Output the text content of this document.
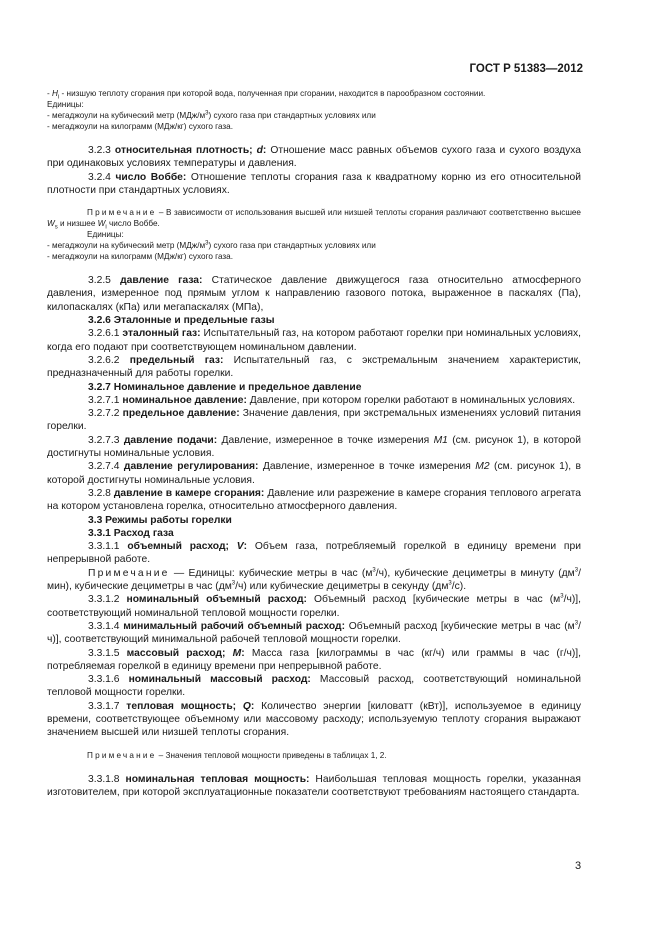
ГОСТ Р 51383—2012

- $H_i$ - низшую теплоту сгорания при которой вода, полученная при сгорании, находится в парообразном состоянии.

Единицы:

- мегаджоули на кубический метр $(МДж/м^3)$ сухого газа при стандартных условиях или

- мегаджоули на килограмм (МДж/кг) сухого газа.

3.2.3 относительная плотность; d: Отношение масс равных объемов сухого газа и сухого воздуха при одинаковых условиях температуры и давления.

3.2.4 число Воббе: Отношение теплоты сгорания газа к квадратному корню из его относительной плотности при стандартных условиях.

Примечание – В зависимости от использования высшей или низшей теплоты сгорания различают соответственно высшее $W_s$ и низшее $W_i$ число Воббе.

Единицы:

- мегаджоули на кубический метр $(МДж/м^3)$ сухого газа при стандартных условиях или

- мегаджоули на килограмм (МДж/кг) сухого газа.

3.2.5 давление газа: Статическое давление движущегося газа относительно атмосферного давления, измеренное под прямым углом к направлению газового потока, выраженное в паскалях (Па), килопаскалях (кПа) или мегапаскалях (МПа),

3.2.6 Эталонные и предельные газы

3.2.6.1 эталонный газ: Испытательный газ, на котором работают горелки при номинальных условиях, когда его подают при соответствующем номинальном давлении.

3.2.6.2 предельный газ: Испытательный газ, с экстремальным значением характеристик, предназначенный для работы горелки.

3.2.7 Номинальное давление и предельное давление

3.2.7.1 номинальное давление: Давление, при котором горелки работают в номинальных условиях.

3.2.7.2 предельное давление: Значение давления, при экстремальных изменениях условий питания горелки.

3.2.7.3 давление подачи: Давление, измеренное в точке измерения M1 (см. рисунок 1), в которой достигнуты номинальные условия.

3.2.7.4 давление регулирования: Давление, измеренное в точке измерения M2 (см. рисунок 1), в которой достигнуты номинальные условия.

3.2.8 давление в камере сгорания: Давление или разрежение в камере сгорания теплового агрегата на котором установлена горелка, относительно атмосферного давления.

3.3 Режимы работы горелки

3.3.1 Расход газа

3.3.1.1 объемный расход; V: Объем газа, потребляемый горелкой в единицу времени при непрерывной работе.

Примечание — Единицы: кубические метры в час $(м^3/ч)$, кубические дециметры в минуту $(дм^3/мин)$, кубические дециметры в час $(дм^3/ч)$ или кубические дециметры в секунду $(дм^3/с)$.

3.3.1.2 номинальный объемный расход: Объемный расход [кубические метры в час $(м^3/ч)$], соответствующий номинальной тепловой мощности горелки.

3.3.1.4 минимальный рабочий объемный расход: Объемный расход [кубические метры в час $(м^3/ч)$], соответствующий минимальной рабочей тепловой мощности горелки.

3.3.1.5 массовый расход; M: Масса газа [килограммы в час (кг/ч) или граммы в час (г/ч)], потребляемая горелкой в единицу времени при непрерывной работе.

3.3.1.6 номинальный массовый расход: Массовый расход, соответствующий номинальной тепловой мощности горелки.

3.3.1.7 тепловая мощность; Q: Количество энергии [киловатт (кВт)], используемое в единицу времени, соответствующее объемному или массовому расходу; используемую теплоту сгорания выражают значением высшей или низшей теплоты сгорания.

Примечание – Значения тепловой мощности приведены в таблицах 1, 2.

3.3.1.8 номинальная тепловая мощность: Наибольшая тепловая мощность горелки, указанная изготовителем, при которой эксплуатационные показатели соответствуют требованиям настоящего стандарта.

3
